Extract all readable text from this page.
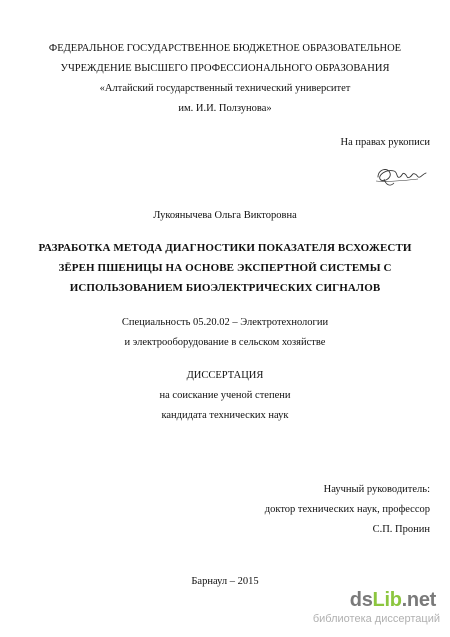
ФЕДЕРАЛЬНОЕ ГОСУДАРСТВЕННОЕ БЮДЖЕТНОЕ ОБРАЗОВАТЕЛЬНОЕ
УЧРЕЖДЕНИЕ ВЫСШЕГО ПРОФЕССИОНАЛЬНОГО ОБРАЗОВАНИЯ
«Алтайский государственный технический университет
им. И.И. Ползунова»
На правах рукописи
Лукоянычева Ольга Викторовна
РАЗРАБОТКА МЕТОДА ДИАГНОСТИКИ ПОКАЗАТЕЛЯ ВСХОЖЕСТИ
ЗЁРЕН ПШЕНИЦЫ НА ОСНОВЕ ЭКСПЕРТНОЙ СИСТЕМЫ С
ИСПОЛЬЗОВАНИЕМ БИОЭЛЕКТРИЧЕСКИХ СИГНАЛОВ
Специальность 05.20.02 – Электротехнологии
и электрооборудование в сельском хозяйстве
ДИССЕРТАЦИЯ
на соискание ученой степени
кандидата технических наук
Научный руководитель:
доктор технических наук, профессор
С.П. Пронин
Барнаул – 2015
dsLib.net
библиотека диссертаций
